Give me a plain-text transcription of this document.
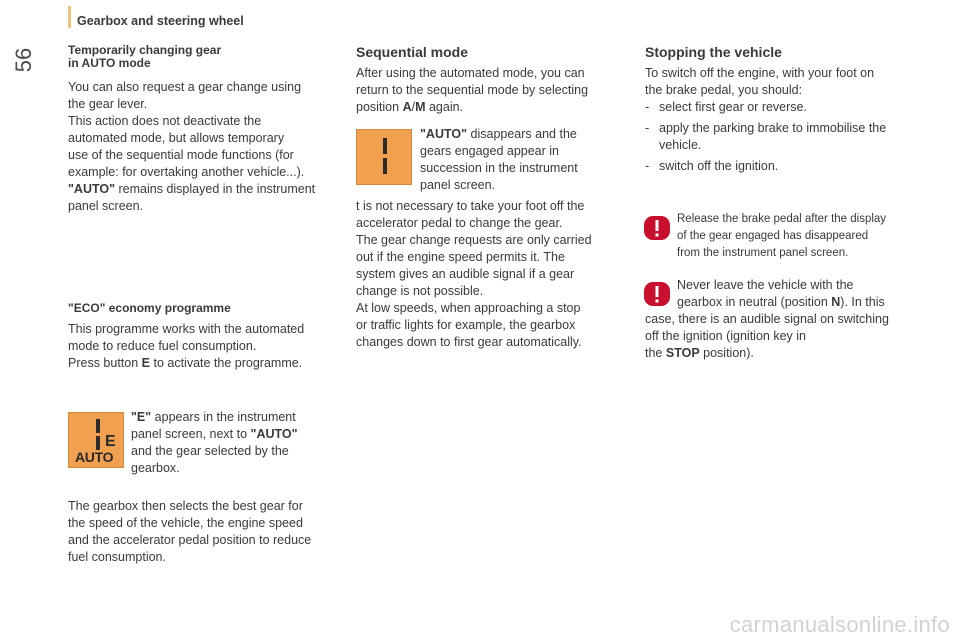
56
Gearbox and steering wheel
Temporarily changing gear
in AUTO mode

You can also request a gear change using

the gear lever.

This action does not deactivate the

automated mode, but allows temporary

use of the sequential mode functions (for

example: for overtaking another vehicle...).

"AUTO" remains displayed in the instrument

panel screen.

"ECO" economy programme

This programme works with the automated

mode to reduce fuel consumption.

Press button E to activate the programme.

E
AUTO

"E" appears in the instrument

panel screen, next to "AUTO"

and the gear selected by the

gearbox.

The gearbox then selects the best gear for

the speed of the vehicle, the engine speed

and the accelerator pedal position to reduce

fuel consumption.

Sequential mode

After using the automated mode, you can

return to the sequential mode by selecting

position A/M again.

"AUTO" disappears and the

gears engaged appear in

succession in the instrument

panel screen.

t is not necessary to take your foot off the

accelerator pedal to change the gear.

The gear change requests are only carried

out if the engine speed permits it. The

system gives an audible signal if a gear

change is not possible.

At low speeds, when approaching a stop

or traffic lights for example, the gearbox

changes down to first gear automatically.

Stopping the vehicle

To switch off the engine, with your foot on

the brake pedal, you should:

- select first gear or reverse.
- apply the parking brake to immobilise the
vehicle.
- switch off the ignition.
Release the brake pedal after the display
of the gear engaged has disappeared
from the instrument panel screen.

Never leave the vehicle with the

gearbox in neutral (position N). In this

case, there is an audible signal on switching

off the ignition (ignition key in

the STOP position).

carmanualsonline.info
